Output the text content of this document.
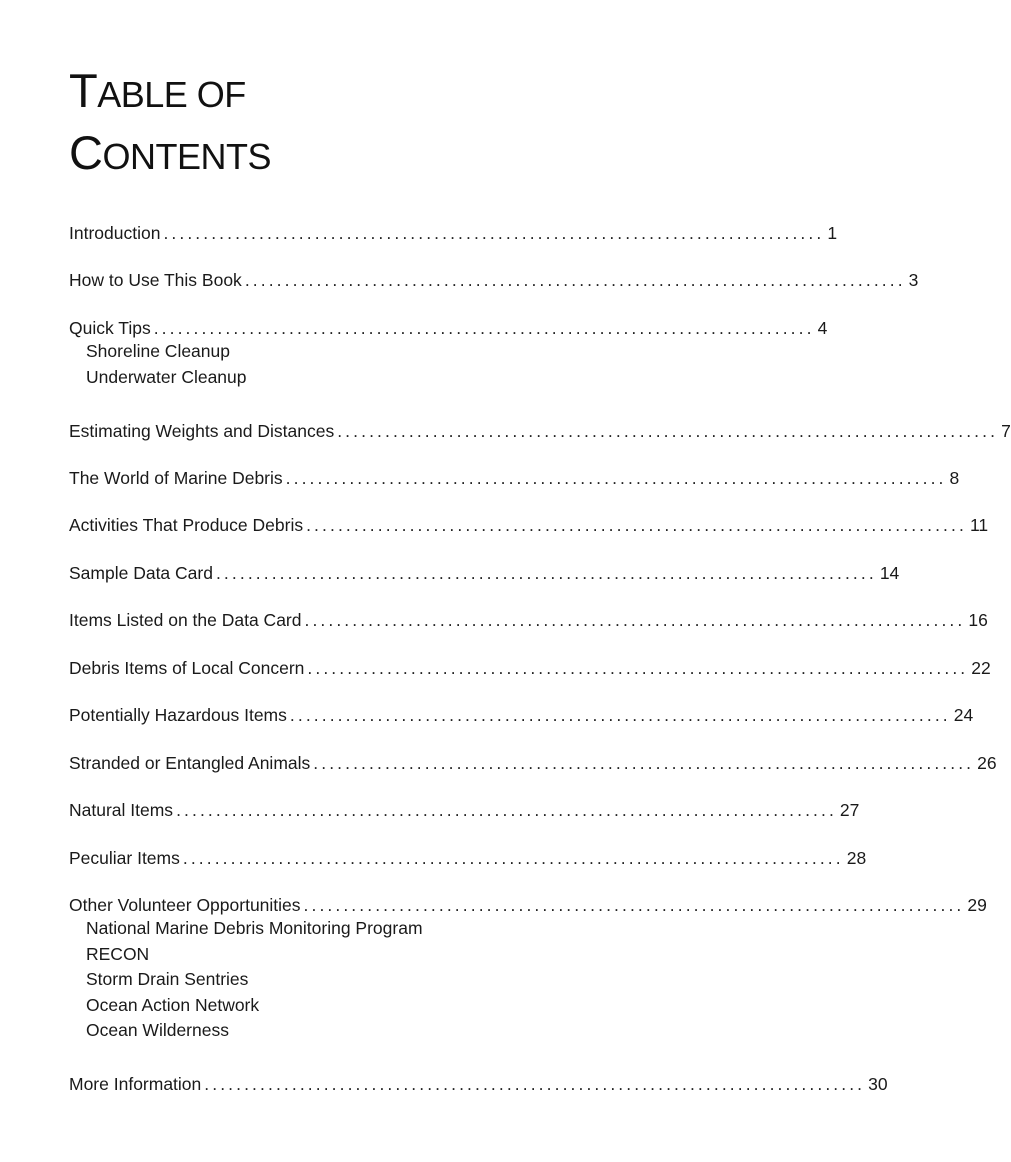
TABLE OF
CONTENTS
Introduction ................................................................................... 1
How to Use This Book ................................................................................... 3
Quick Tips ................................................................................... 4
Shoreline Cleanup
Underwater Cleanup
Estimating Weights and Distances ................................................................................... 7
The World of Marine Debris ................................................................................... 8
Activities That Produce Debris ................................................................................... 11
Sample Data Card ................................................................................... 14
Items Listed on the Data Card ................................................................................... 16
Debris Items of Local Concern ................................................................................... 22
Potentially Hazardous Items ................................................................................... 24
Stranded or Entangled Animals ................................................................................... 26
Natural Items ................................................................................... 27
Peculiar Items ................................................................................... 28
Other Volunteer Opportunities ................................................................................... 29
National Marine Debris Monitoring Program
RECON
Storm Drain Sentries
Ocean Action Network
Ocean Wilderness
More Information ................................................................................... 30
